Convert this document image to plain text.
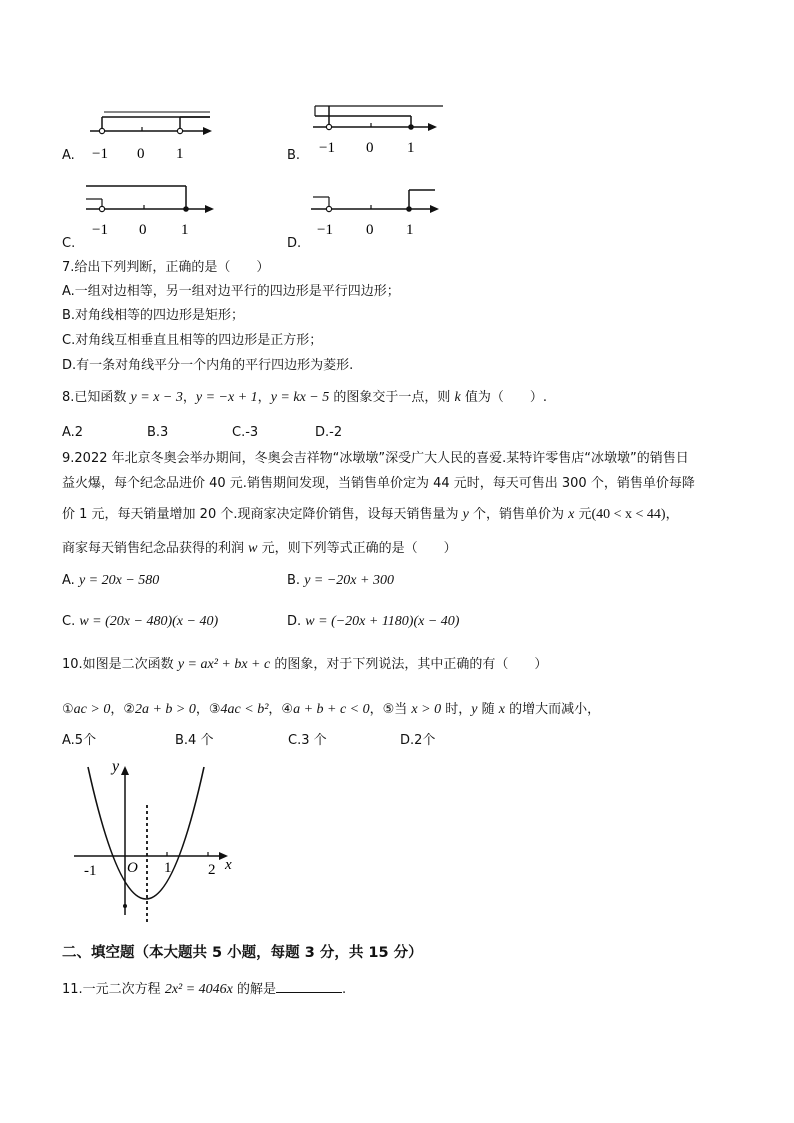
A. −1 0 1	B. −1 0 1
C.
−1 0 1
D.
−1 0 1
7.给出下列判断，正确的是（　　）
A.一组对边相等，另一组对边平行的四边形是平行四边形；
B.对角线相等的四边形是矩形；
C.对角线互相垂直且相等的四边形是正方形；
D.有一条对角线平分一个内角的平行四边形为菱形.
8.已知函数 y = x − 3，y = −x + 1，y = kx − 5 的图象交于一点，则 k 值为（　　）.
A.2	B.3	C.-3	D.-2
9.2022 年北京冬奥会举办期间，冬奥会吉祥物“冰墩墩”深受广大人民的喜爱.某特许零售店“冰墩墩”的销售日
益火爆，每个纪念品进价 40 元.销售期间发现，当销售单价定为 44 元时，每天可售出 300 个，销售单价每降
价 1 元，每天销量增加 20 个.现商家决定降价销售，设每天销售量为 y 个，销售单价为 x 元(40 < x < 44)，
商家每天销售纪念品获得的利润 w 元，则下列等式正确的是（　　）
A. y = 20x − 580	B. y = −20x + 300
C. w = (20x − 480)(x − 40)	D. w = (−20x + 1180)(x − 40)
10.如图是二次函数 y = ax² + bx + c 的图象，对于下列说法，其中正确的有（　　）
①ac > 0，②2a + b > 0，③4ac < b²，④a + b + c < 0，⑤当 x > 0 时，y 随 x 的增大而减小，
A.5个	B.4 个	C.3 个	D.2个
y
x
O
-1	1 2
二、填空题（本大题共 5 小题，每题 3 分，共 15 分）
11.一元二次方程 2x² = 4046x 的解是	.
